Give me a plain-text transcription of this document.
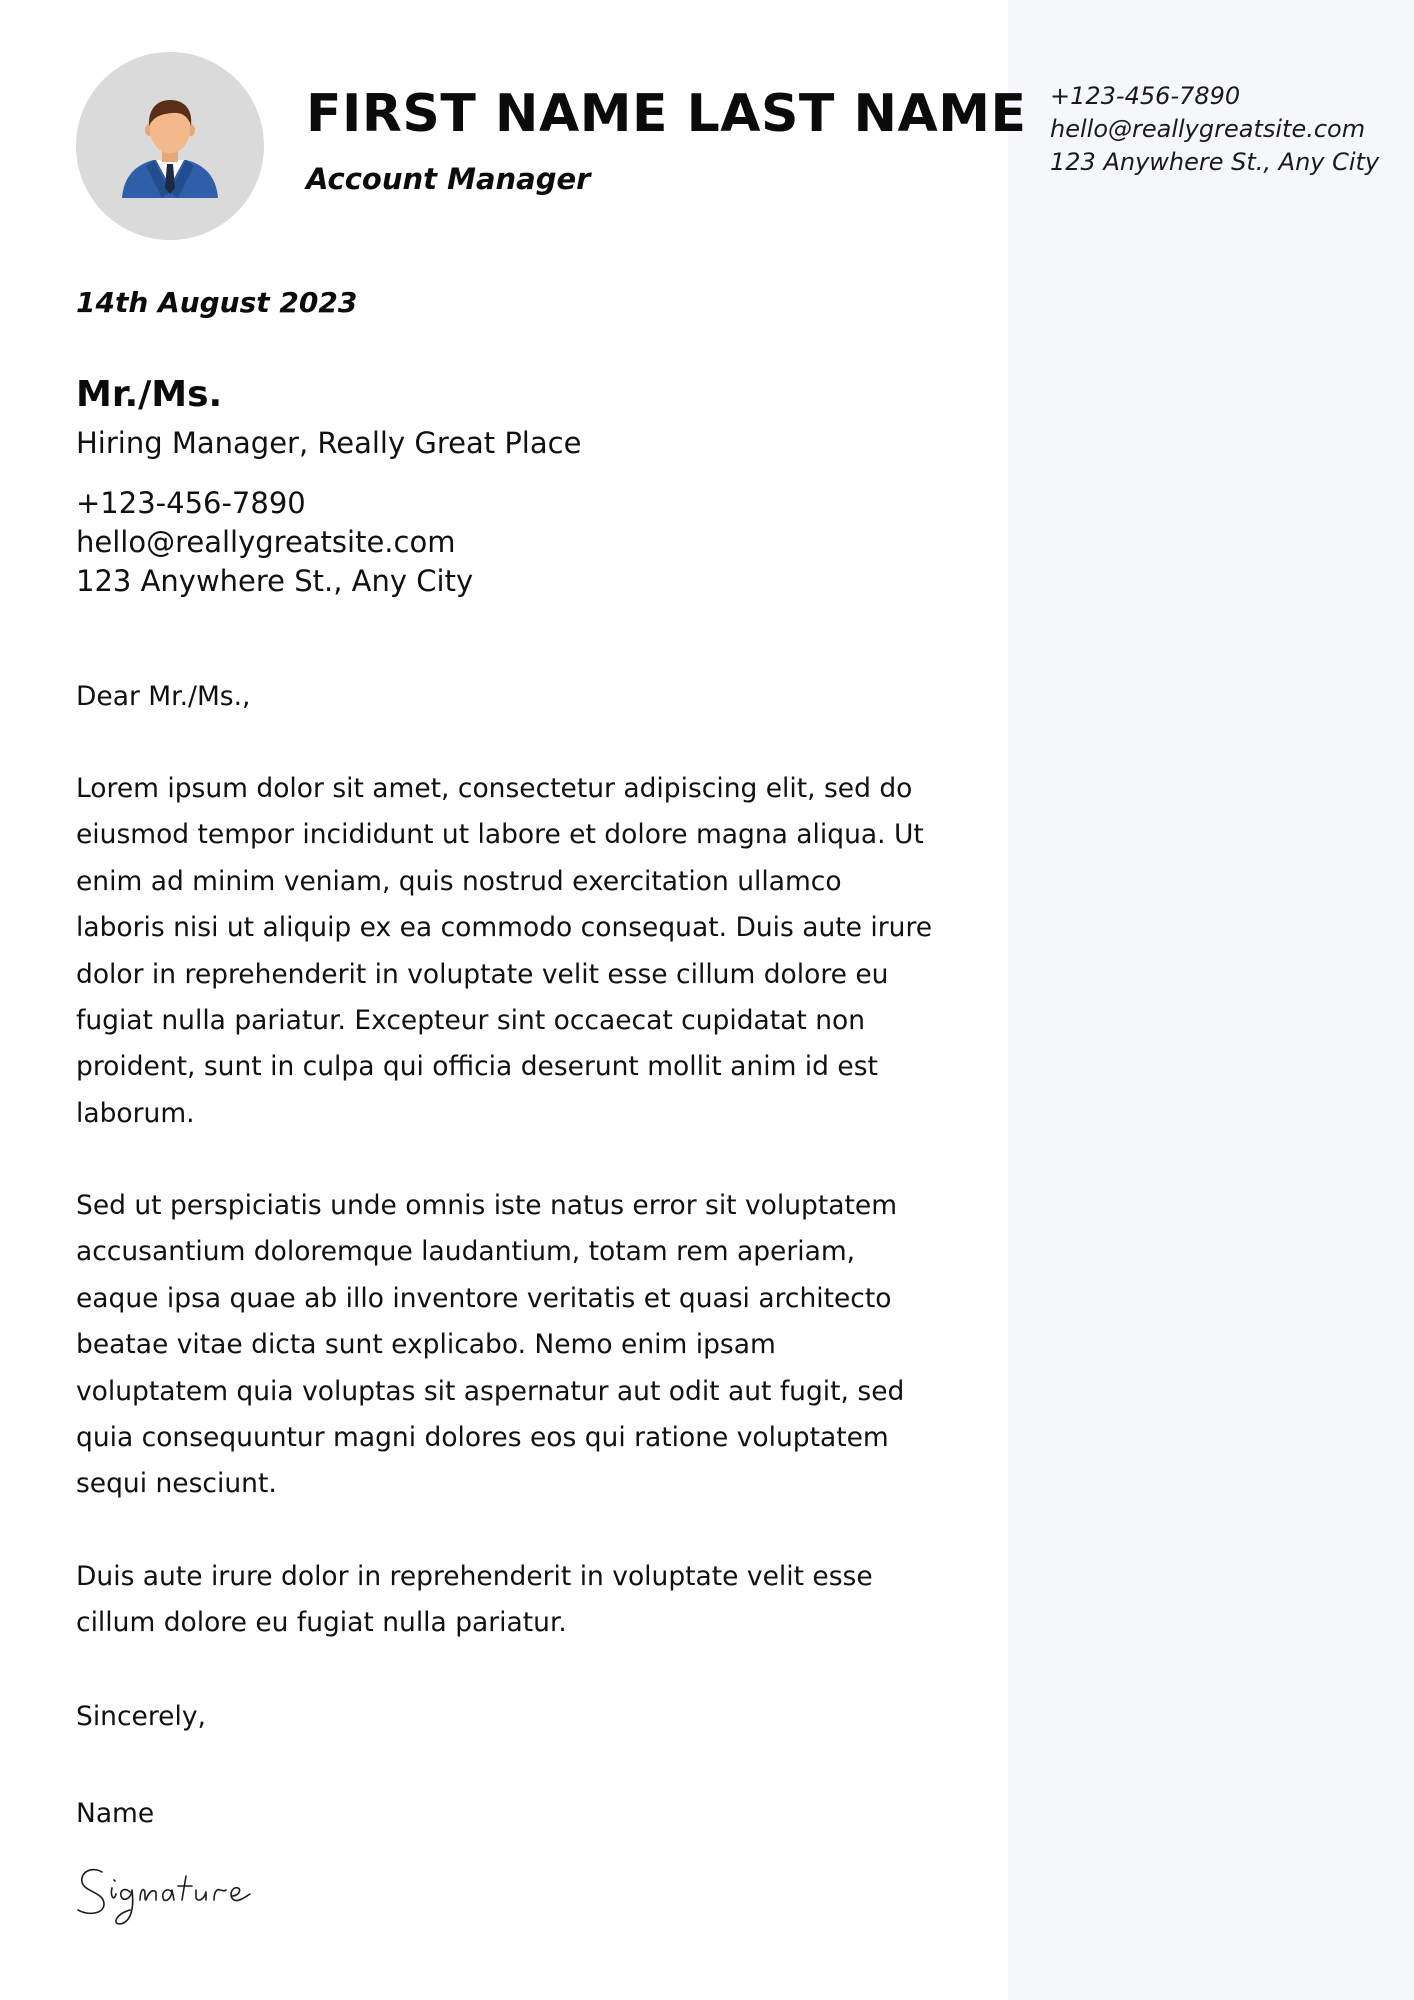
+123-456-7890
hello@reallygreatsite.com
123 Anywhere St., Any City
FIRST NAME LAST NAME
Account Manager
14th August 2023
Mr./Ms.
Hiring Manager, Really Great Place
+123-456-7890
hello@reallygreatsite.com
123 Anywhere St., Any City
Dear Mr./Ms.,
Lorem ipsum dolor sit amet, consectetur adipiscing elit, sed do eiusmod tempor incididunt ut labore et dolore magna aliqua. Ut enim ad minim veniam, quis nostrud exercitation ullamco laboris nisi ut aliquip ex ea commodo consequat. Duis aute irure dolor in reprehenderit in voluptate velit esse cillum dolore eu fugiat nulla pariatur. Excepteur sint occaecat cupidatat non proident, sunt in culpa qui officia deserunt mollit anim id est laborum.
Sed ut perspiciatis unde omnis iste natus error sit voluptatem accusantium doloremque laudantium, totam rem aperiam, eaque ipsa quae ab illo inventore veritatis et quasi architecto beatae vitae dicta sunt explicabo. Nemo enim ipsam voluptatem quia voluptas sit aspernatur aut odit aut fugit, sed quia consequuntur magni dolores eos qui ratione voluptatem sequi nesciunt.
Duis aute irure dolor in reprehenderit in voluptate velit esse cillum dolore eu fugiat nulla pariatur.
Sincerely,
Name
